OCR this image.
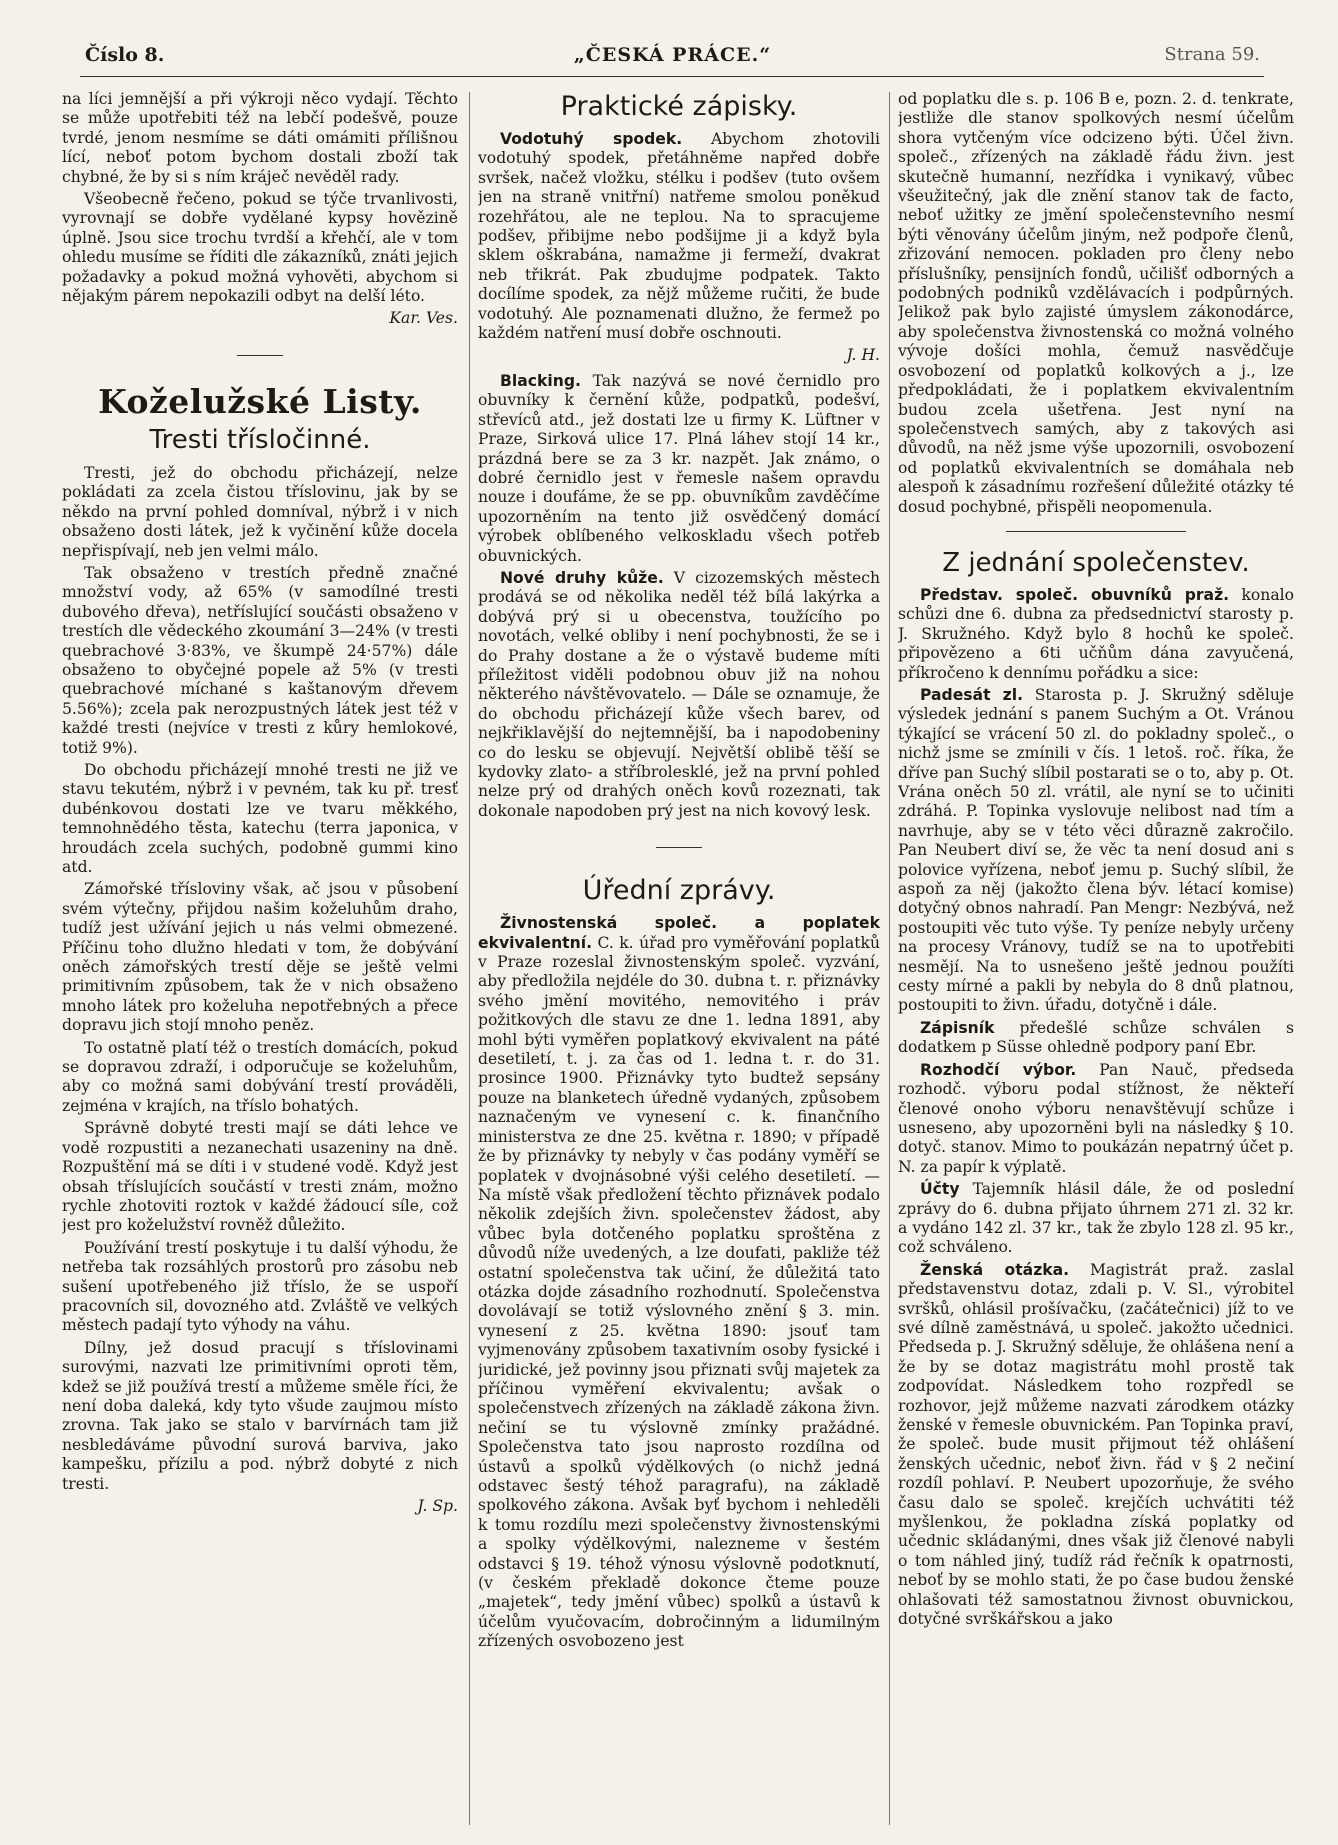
Číslo 8.	„ČESKÁ PRÁCE.“	Strana 59.

na líci jemnější a při výkroji něco vydají. Těchto se může upotřebiti též na lebčí podešvě, pouze tvrdé, jenom nesmíme se dáti omámiti přílišnou lící, neboť potom bychom dostali zboží tak chybné, že by si s ním kráječ nevěděl rady.

Všeobecně řečeno, pokud se týče trvanlivosti, vyrovnají se dobře vydělané kypsy hovězině úplně. Jsou sice trochu tvrdší a křehčí, ale v tom ohledu musíme se říditi dle zákazníků, znáti jejich požadavky a pokud možná vyhověti, abychom si nějakým párem nepokazili odbyt na delší léto.

Kar. Ves.

Koželužské Listy.
Tresti třísločinné.

Tresti, jež do obchodu přicházejí, nelze pokládati za zcela čistou tříslovinu, jak by se někdo na první pohled domníval, nýbrž i v nich obsaženo dosti látek, jež k vyčinění kůže docela nepřispívají, neb jen velmi málo.

Tak obsaženo v trestích předně značné množství vody, až 65% (v samodílné tresti dubového dřeva), netříslující součásti obsaženo v trestích dle vědeckého zkoumání 3—24% (v tresti quebrachové 3·83%, ve škumpě 24·57%) dále obsaženo to obyčejné popele až 5% (v tresti quebrachové míchané s kaštanovým dřevem 5.56%); zcela pak nerozpustných látek jest též v každé tresti (nejvíce v tresti z kůry hemlokové, totiž 9%).

Do obchodu přicházejí mnohé tresti ne již ve stavu tekutém, nýbrž i v pevném, tak ku př. tresť dubénkovou dostati lze ve tvaru měkkého, temnohnědého těsta, katechu (terra japonica, v hroudách zcela suchých, podobně gummi kino atd.

Zámořské tříslovinу však, ač jsou v působení svém výtečny, přijdou našim koželuhům draho, tudíž jest užívání jejich u nás velmi obmezené. Příčinu toho dlužno hledati v tom, že dobývání oněch zámořských trestí děje se ještě velmi primitivním způsobem, tak že v nich obsaženo mnoho látek pro koželuha nepotřebných a přece dopravu jich stojí mnoho peněz.

To ostatně platí též o trestích domácích, pokud se dopravou zdraží, i odporučuje se koželuhům, aby co možná sami dobývání trestí prováděli, zejména v krajích, na tříslo bohatých.

Správně dobyté tresti mají se dáti lehce ve vodě rozpustiti a nezanechati usazeniny na dně. Rozpuštění má se díti i v studené vodě. Když jest obsah tříslujících součástí v tresti znám, možno rychle zhotoviti roztok v každé žádoucí síle, což jest pro koželužství rovněž důležito.

Používání trestí poskytuje i tu další výhodu, že netřeba tak rozsáhlých prostorů pro zásobu neb sušení upotřebeného již tříslo, že se uspoří pracovních sil, dovozného atd. Zvláště ve velkých městech padají tyto výhody na váhu.

Dílny, jež dosud pracují s tříslovinami surovými, nazvati lze primitivními oproti těm, kdež se již používá trestí a můžeme směle říci, že není doba daleká, kdy tyto všude zaujmou místo zrovna. Tak jako se stalo v barvírnách tam již nesbledáváme původní surová barviva, jako kampešku, přízilu a pod. nýbrž dobyté z nich tresti.

J. Sp.

Praktické zápisky.

Vodotuhý spodek. Abychom zhotovili vodotuhý spodek, přetáhněme napřed dobře svršek, načež vložku, stélku i podšev (tuto ovšem jen na straně vnitřní) natřeme smolou poněkud rozehřátou, ale ne teplou. Na to spracujeme podšev, přibijme nebo podšijme ji a když byla sklem oškrabána, namažme ji fermeží, dvakrat neb třikrát. Pak zbudujme podpatek. Takto docílíme spodek, za nějž můžeme ručiti, že bude vodotuhý. Ale poznamenati dlužno, že fermež po každém natření musí dobře oschnouti.

J. H.

Blacking. Tak nazývá se nové černidlo pro obuvníky k černění kůže, podpatků, podešví, střevíců atd., jež dostati lze u firmy K. Lüftner v Praze, Sirková ulice 17. Plná láhev stojí 14 kr., prázdná bere se za 3 kr. nazpět. Jak známo, o dobré černidlo jest v řemesle našem opravdu nouze i doufáme, že se pp. obuvníkům zavděčíme upozorněním na tento již osvědčený domácí výrobek oblíbeného velkoskladu všech potřeb obuvnických.

Nové druhy kůže. V cizozemských městech prodává se od několika neděl též bílá lakýrka a dobývá prý si u obecenstva, toužícího po novotách, velké obliby i není pochybnosti, že se i do Prahy dostane a že o výstavě budeme míti příležitost viděli podobnou obuv již na nohou některého návštěvovatelo. — Dále se oznamuje, že do obchodu přicházejí kůže všech barev, od nejkřiklavější do nejtemnější, ba i napodobeniny co do lesku se objevují. Největší oblibě těší se kydovky zlato- a stříbrolesklé, jež na první pohled nelze prý od drahých oněch kovů rozeznati, tak dokonale napodoben prý jest na nich kovový lesk.

Úřední zprávy.

Živnostenská společ. a poplatek ekvivalentní. C. k. úřad pro vyměřování poplatků v Praze rozeslal živnostenským společ. vyzvání, aby předložila nejdéle do 30. dubna t. r. přiznávky svého jmění movitého, nemovitého i práv požitkových dle stavu ze dne 1. ledna 1891, aby mohl býti vyměřen poplatkový ekvivalent na páté desetiletí, t. j. za čas od 1. ledna t. r. do 31. prosince 1900. Přiznávky tyto budtež sepsány pouze na blanketech úředně vydaných, způsobem naznačeným ve vynesení c. k. finančního ministerstva ze dne 25. května r. 1890; v případě že by přiznávky ty nebyly v čas podány vyměří se poplatek v dvojnásobné výši celého desetiletí. — Na místě však předložení těchto přiznávek podalo několik zdejších živn. společenstev žádost, aby vůbec byla dotčeného poplatku sproštěna z důvodů níže uvedených, a lze doufati, pakliže též ostatní společenstva tak učiní, že důležitá tato otázka dojde zásadního rozhodnutí. Společenstva dovolávají se totiž výslovného znění § 3. min. vynesení z 25. května 1890: jsouť tam vyjmenovány způsobem taxativním osoby fysické i juridické, jež povinny jsou přiznati svůj majetek za příčinou vyměření ekvivalentu; avšak o společenstvech zřízených na základě zákona živn. nečiní se tu výslovně zmínky pražádné. Společenstva tato jsou naprosto rozdílna od ústavů a spolků výdělkových (o nichž jedná odstavec šestý téhož paragrafu), na základě spolkového zákona. Avšak byť bychom i nehleděli k tomu rozdílu mezi společenstvy živnostenskými a spolky výdělkovými, nalezneme v šestém odstavci § 19. téhož výnosu výslovně podotknutí, (v českém překladě dokonce čteme pouze „majetek“, tedy jmění vůbec) spolků a ústavů k účelům vyučovacím, dobročinným a lidumilným zřízených osvobozeno jest

od poplatku dle s. p. 106 B e, pozn. 2. d. tenkrate, jestliže dle stanov spolkových nesmí účelům shora vytčeným více odcizeno býti. Účel živn. společ., zřízených na základě řádu živn. jest skutečně humanní, nezřídka i vynikavý, vůbec všeužitečný, jak dle znění stanov tak de facto, neboť užitky ze jmění společenstevního nesmí býti věnovány účelům jiným, než podpoře členů, zřizování nemocen. pokladen pro členy nebo příslušníky, pensijních fondů, učilišť odborných a podobných podniků vzdělávacích i podpůrných. Jelikož pak bylo zajisté úmyslem zákonodárce, aby společenstva živnostenská co možná volného vývoje došíci mohla, čemuž nasvědčuje osvobození od poplatků kolkových a j., lze předpokládati, že i poplatkem ekvivalentním budou zcela ušetřena. Jest nyní na společenstvech samých, aby z takových asi důvodů, na něž jsme výše upozornili, osvobození od poplatků ekvivalentních se domáhala neb alespoň k zásadnímu rozřešení důležité otázky té dosud pochybné, přispěli neopomenula.

Z jednání společenstev.

Představ. společ. obuvníků praž. konalo schůzi dne 6. dubna za předsednictví starosty p. J. Skružného. Když bylo 8 hochů ke společ. připovězeno a 6ti učňům dána zavyučená, příkročeno k dennímu pořádku a sice:

Padesát zl. Starosta p. J. Skružný sděluje výsledek jednání s panem Suchým a Ot. Vránou týkající se vrácení 50 zl. do pokladny společ., o nichž jsme se zmínili v čís. 1 letoš. roč. říka, že dříve pan Suchý slíbil postarati se o to, aby p. Ot. Vrána oněch 50 zl. vrátil, ale nyní se to učiniti zdráhá. P. Topinka vyslovuje nelibost nad tím a navrhuje, aby se v této věci důrazně zakročilo. Pan Neubert diví se, že věc ta není dosud ani s polovice vyřízena, neboť jemu p. Suchý slíbil, že aspoň za něj (jakožto člena býv. létací komise) dotyčný obnos nahradí. Pan Mengr: Nezbývá, než postoupiti věc tuto výše. Ty peníze nebyly určeny na procesy Vránovy, tudíž se na to upotřebiti nesmějí. Na to usnešeno ještě jednou použíti cesty mírné a pakli by nebyla do 8 dnů platnou, postoupiti to živn. úřadu, dotyčně i dále.

Zápisník předešlé schůze schválen s dodatkem p Süsse ohledně podpory paní Ebr.

Rozhodčí výbor. Pan Nauč, předseda rozhodč. výboru podal stížnost, že někteří členové onoho výboru nenavštěvují schůze i usneseno, aby upozorněni byli na následky § 10. dotyč. stanov. Mimo to poukázán nepatrný účet p. N. za papír k výplatě.

Účty Tajemník hlásil dále, že od poslední zprávy do 6. dubna přijato úhrnem 271 zl. 32 kr. a vydáno 142 zl. 37 kr., tak že zbylo 128 zl. 95 kr., což schváleno.

Ženská otázka. Magistrát praž. zaslal představenstvu dotaz, zdali p. V. Sl., výrobitel svršků, ohlásil prošívačku, (začátečnici) jíž to ve své dílně zaměstnává, u společ. jakožto učednici. Předseda p. J. Skružný sděluje, že ohlášena není a že by se dotaz magistrátu mohl prostě tak zodpovídat. Následkem toho rozpředl se rozhovor, jejž můžeme nazvati zárodkem otázky ženské v řemesle obuvnickém. Pan Topinka praví, že společ. bude musit přijmout též ohlášení ženských učednic, neboť živn. řád v § 2 nečiní rozdíl pohlaví. P. Neubert upozorňuje, že svého času dalo se společ. krejčích uchvátiti též myšlenkou, že pokladna získá poplatky od učednic skládanými, dnes však již členové nabyli o tom náhled jiný, tudíž rád řečník k opatrnosti, neboť by se mohlo stati, že po čase budou ženské ohlašovati též samostatnou živnost obuvnickou, dotyčné svrškářskou a jako
